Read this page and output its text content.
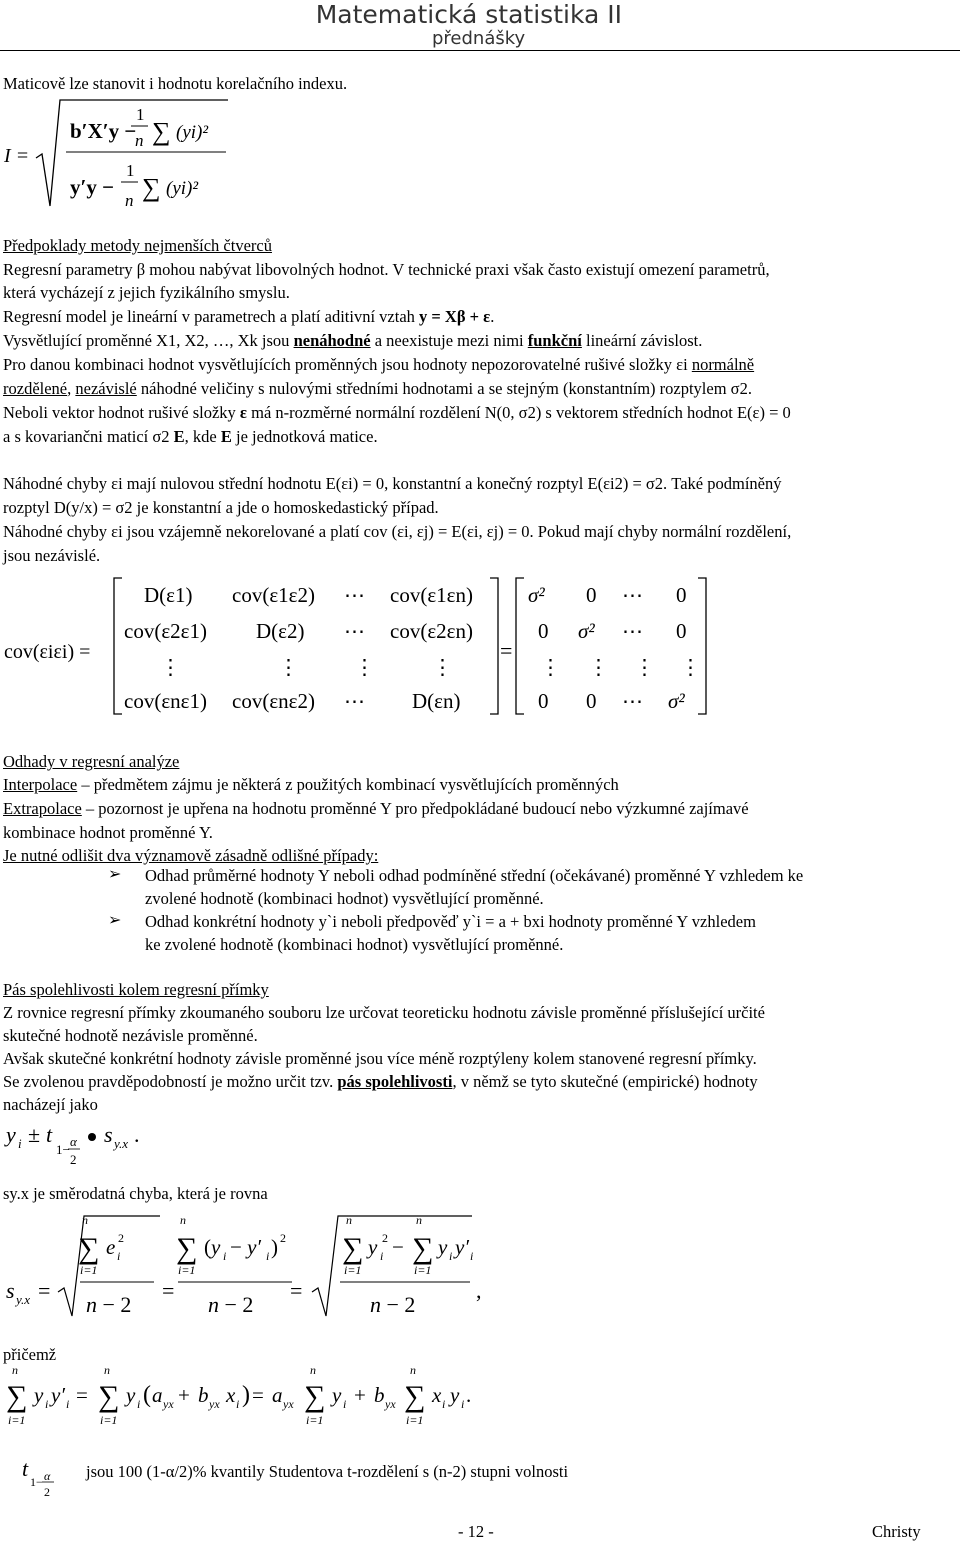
Matematická statistika II
přednášky
Maticově lze stanovit i hodnotu korelačního indexu.
I =
b′X′y −
1
n ∑ (yi)²
y′y −
1
n ∑ (yi)²
Předpoklady metody nejmenších čtverců
Regresní parametry β mohou nabývat libovolných hodnot. V technické praxi však často existují omezení parametrů,
která vycházejí z jejich fyzikálního smyslu.
Regresní model je lineární v parametrech a platí aditivní vztah y = Xβ + ε.
Vysvětlující proměnné X1, X2, …, Xk jsou nenáhodné a neexistuje mezi nimi funkční lineární závislost.
Pro danou kombinaci hodnot vysvětlujících proměnných jsou hodnoty nepozorovatelné rušivé složky εi normálně
rozdělené, nezávislé náhodné veličiny s nulovými středními hodnotami a se stejným (konstantním) rozptylem σ2.
Neboli vektor hodnot rušivé složky ε má n-rozměrné normální rozdělení N(0, σ2) s vektorem středních hodnot E(ε) = 0
a s kovariančni maticí σ2 E, kde E je jednotková matice.
Náhodné chyby εi mají nulovou střední hodnotu E(εi) = 0, konstantní a konečný rozptyl E(εi2) = σ2. Také podmíněný
rozptyl D(y/x) = σ2 je konstantní a jde o homoskedastický případ.
Náhodné chyby εi jsou vzájemně nekorelované a platí cov (εi, εj) = E(εi, εj) = 0. Pokud mají chyby normální rozdělení,
jsou nezávislé.
cov(εiεi) =
D(ε1) cov(ε1ε2) ⋯ cov(ε1εn)
cov(ε2ε1) D(ε2) ⋯ cov(ε2εn)
⋮	⋮	⋮	⋮
cov(εnε1) cov(εnε2) ⋯ D(εn)
=
σ² 0 ⋯ 0
0 σ² ⋯ 0
⋮ ⋮ ⋮ ⋮
0 0 ⋯ σ²
Odhady v regresní analýze
Interpolace – předmětem zájmu je některá z použitých kombinací vysvětlujících proměnných
Extrapolace – pozornost je upřena na hodnotu proměnné Y pro předpokládané budoucí nebo výzkumné zajímavé
kombinace hodnot proměnné Y.
Je nutné odlišit dva významově zásadně odlišné případy:
➢ Odhad průměrné hodnoty Y neboli odhad podmíněné střední (očekávané) proměnné Y vzhledem ke
zvolené hodnotě (kombinaci hodnot) vysvětlující proměnné.
➢ Odhad konkrétní hodnoty y`i neboli předpověď y`i = a + bxi hodnoty proměnné Y vzhledem
ke zvolené hodnotě (kombinaci hodnot) vysvětlující proměnné.
Pás spolehlivosti kolem regresní přímky
Z rovnice regresní přímky zkoumaného souboru lze určovat teoreticku hodnotu závisle proměnné příslušející určité
skutečné hodnotě nezávisle proměnné.
Avšak skutečné konkrétní hodnoty závisle proměnné jsou více méně rozptýleny kolem stanovené regresní přímky.
Se zvolenou pravděpodobností je možno určit tzv. pás spolehlivosti, v němž se tyto skutečné (empirické) hodnoty
nacházejí jako
y i ± t
1−
α
2
s y.x .
sy.x je směrodatná chyba, která je rovna
s y.x =
n
∑
i=1
e i
2
n − 2
=
n
∑
i=1
(y i − y′ i ) 2
n − 2
=
n
∑
i=1
y i
2 −
n
∑
i=1
y i y′ i
n − 2
,
přičemž
n
∑
i=1
y i y′ i =
n
∑
i=1
y i ( a yx + b yx x i ) = a yx
n
∑
i=1
y i + b yx
n
∑
i=1
x i y i .
t
1− α
2
jsou 100 (1-α/2)% kvantily Studentova t-rozdělení s (n-2) stupni volnosti
- 12 -	Christy
